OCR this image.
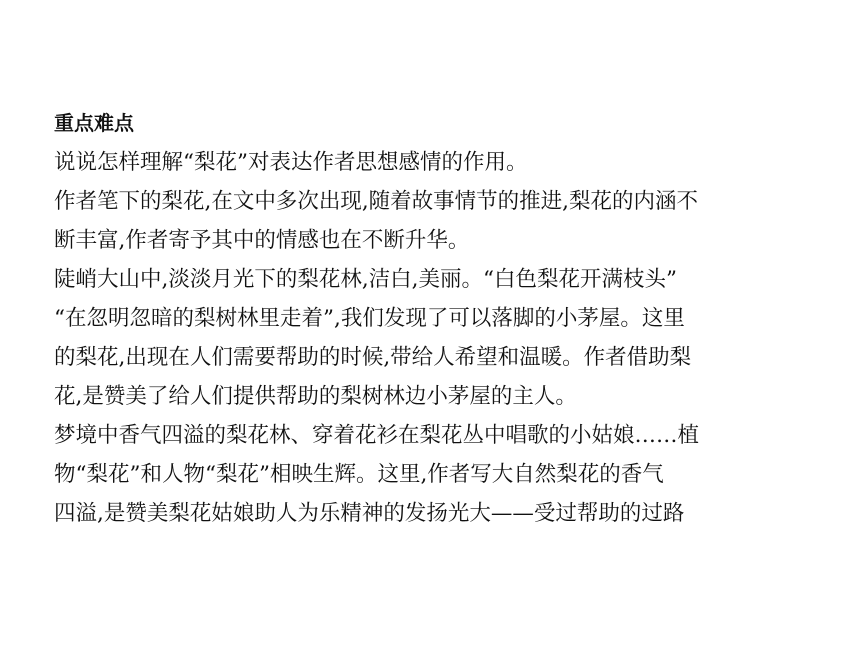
重点难点

说说怎样理解“梨花”对表达作者思想感情的作用。

作者笔下的梨花,在文中多次出现,随着故事情节的推进,梨花的内涵不

断丰富,作者寄予其中的情感也在不断升华。

陡峭大山中,淡淡月光下的梨花林,洁白,美丽。“白色梨花开满枝头”

“在忽明忽暗的梨树林里走着”,我们发现了可以落脚的小茅屋。这里

的梨花,出现在人们需要帮助的时候,带给人希望和温暖。作者借助梨

花,是赞美了给人们提供帮助的梨树林边小茅屋的主人。

梦境中香气四溢的梨花林、穿着花衫在梨花丛中唱歌的小姑娘……植

物“梨花”和人物“梨花”相映生辉。这里,作者写大自然梨花的香气

四溢,是赞美梨花姑娘助人为乐精神的发扬光大——受过帮助的过路
